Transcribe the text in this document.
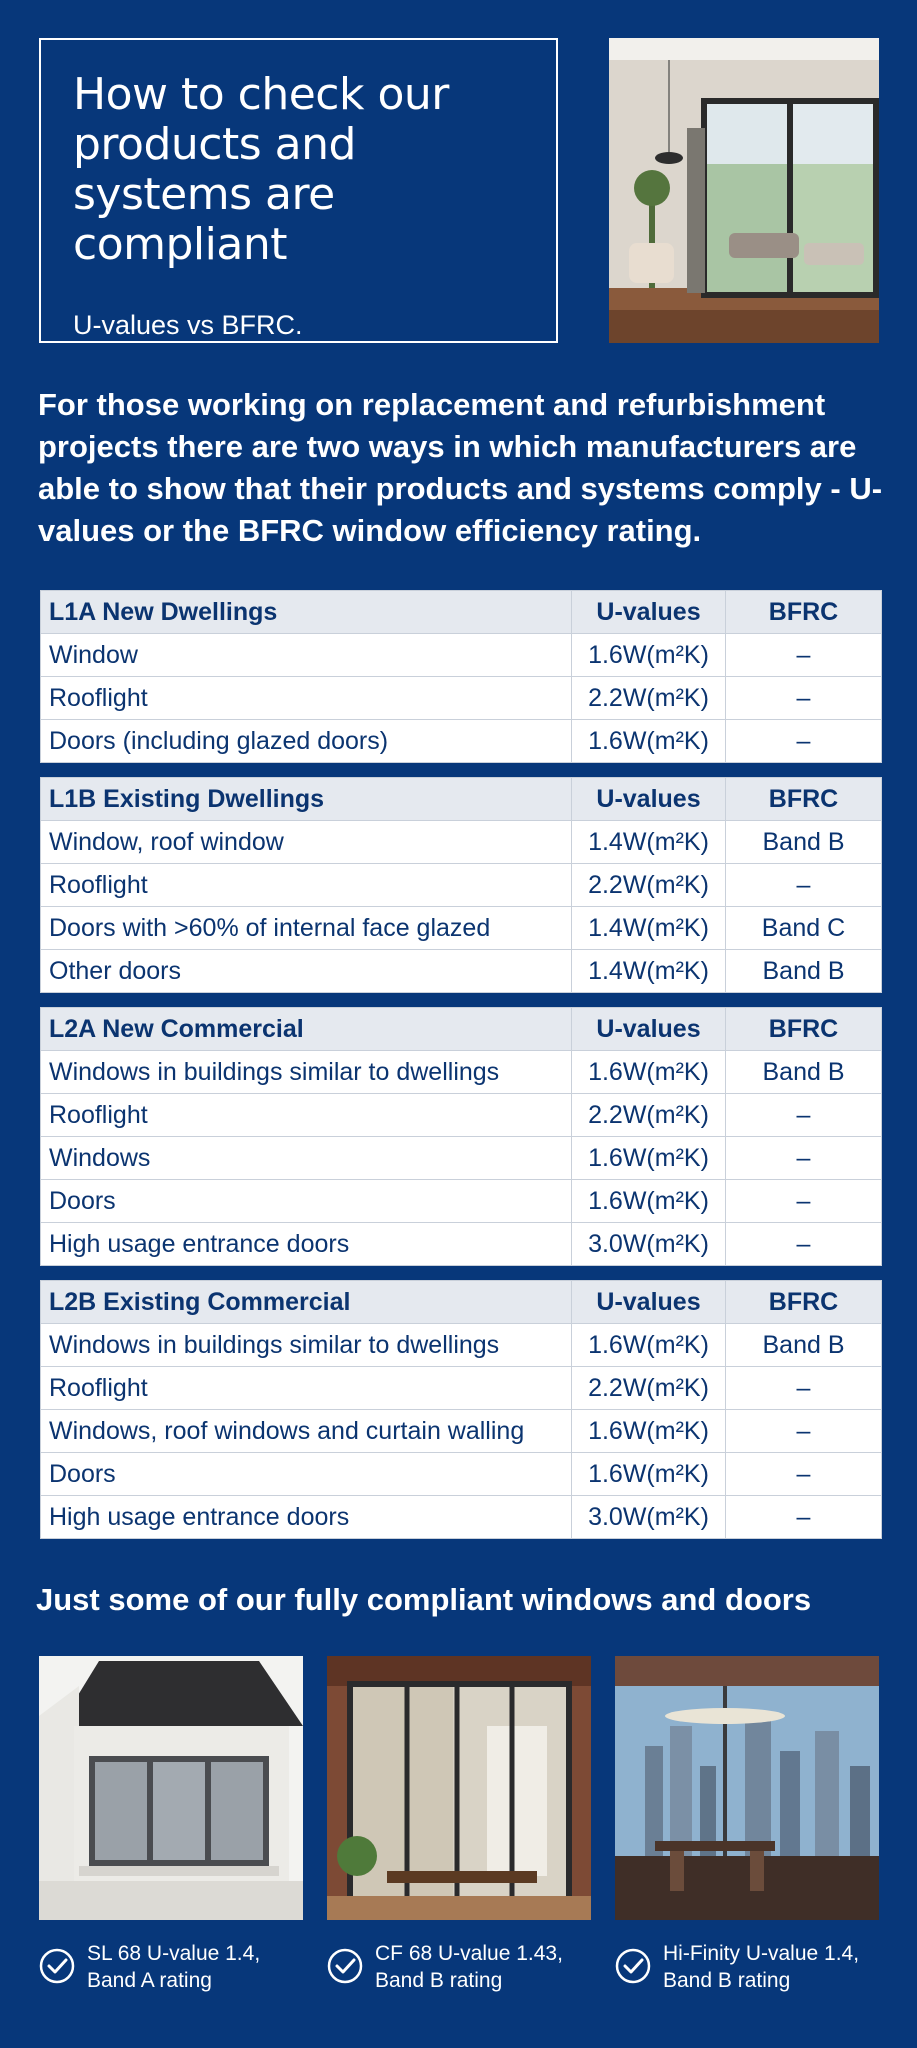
How to check our products and systems are compliant
U-values vs BFRC.

For those working on replacement and refurbishment projects there are two ways in which manufacturers are able to show that their products and systems comply - U-values or the BFRC window efficiency rating.

L1A New Dwellings	U-values	BFRC
Window	1.6W(m²K)	–
Rooflight	2.2W(m²K)	–
Doors (including glazed doors)	1.6W(m²K)	–
L1B Existing Dwellings	U-values	BFRC
Window, roof window	1.4W(m²K)	Band B
Rooflight	2.2W(m²K)	–
Doors with >60% of internal face glazed	1.4W(m²K)	Band C
Other doors	1.4W(m²K)	Band B
L2A New Commercial	U-values	BFRC
Windows in buildings similar to dwellings	1.6W(m²K)	Band B
Rooflight	2.2W(m²K)	–
Windows	1.6W(m²K)	–
Doors	1.6W(m²K)	–
High usage entrance doors	3.0W(m²K)	–
L2B Existing Commercial	U-values	BFRC
Windows in buildings similar to dwellings	1.6W(m²K)	Band B
Rooflight	2.2W(m²K)	–
Windows, roof windows and curtain walling	1.6W(m²K)	–
Doors	1.6W(m²K)	–
High usage entrance doors	3.0W(m²K)	–
Just some of our fully compliant windows and doors
SL 68 U-value 1.4,
Band A rating
CF 68 U-value 1.43,
Band B rating
Hi-Finity U-value 1.4,
Band B rating
